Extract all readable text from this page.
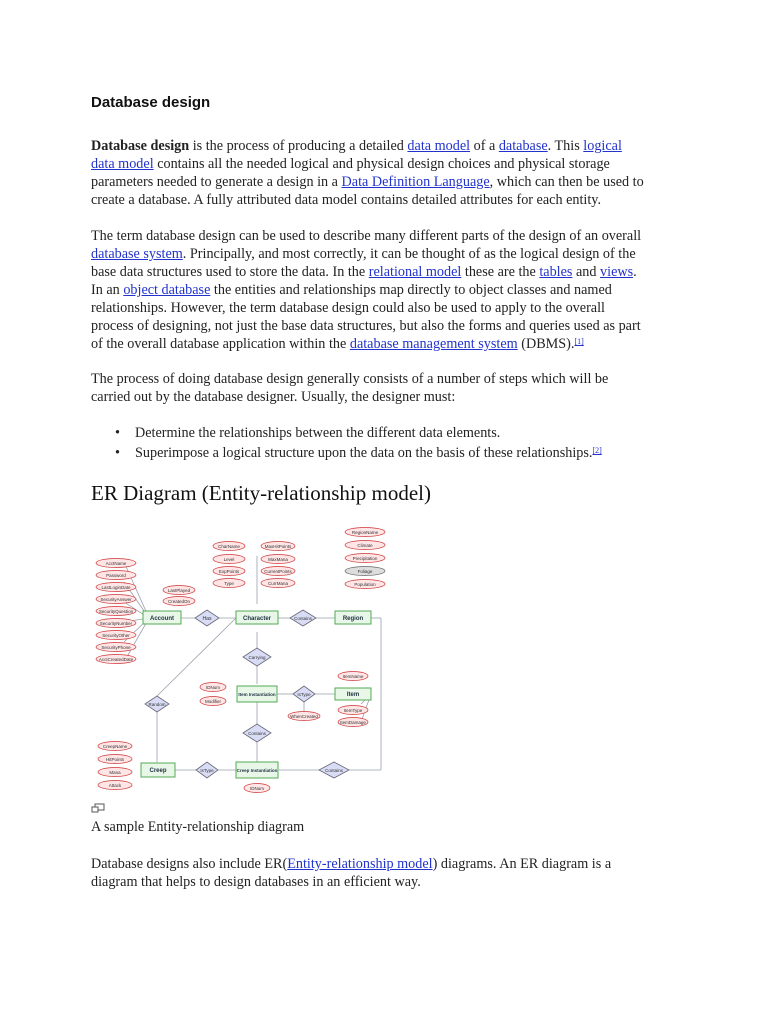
Database design

Database design is the process of producing a detailed data model of a database. This logical
data model contains all the needed logical and physical design choices and physical storage
parameters needed to generate a design in a Data Definition Language, which can then be used to
create a database. A fully attributed data model contains detailed attributes for each entity.

The term database design can be used to describe many different parts of the design of an overall
database system. Principally, and most correctly, it can be thought of as the logical design of the
base data structures used to store the data. In the relational model these are the tables and views.
In an object database the entities and relationships map directly to object classes and named
relationships. However, the term database design could also be used to apply to the overall
process of designing, not just the base data structures, but also the forms and queries used as part
of the overall database application within the database management system (DBMS).[1]

The process of doing database design generally consists of a number of steps which will be
carried out by the database designer. Usually, the designer must:

• Determine the relationships between the different data elements.
• Superimpose a logical structure upon the data on the basis of these relationships.[2]
ER Diagram (Entity-relationship model)
AcctName
Password
LastLoginDate
SecurityAnswer
SecurityQuestion
SecurityNumber
SecurityOther
SecurityPhone
AcctCreatedDate
LastPlayed
CreatedOn
CharName
Level
ExpPoints
Type
MaxHitPoints
MaxMana
CurrentPoints
CurrMana
RegionName
Climate
Precipitation
Foliage
Population
IDNum
Modifier
WhenCreated
ItemName
ItemType
ItemDamage
CreepName
HitPoints
Mana
Attack
IDNum
Account	Character	Region
Item Instantiation	Item
Creep	Creep Instantiation
Has	Contains
Carrying
IsType
Contains
IsType	Contains
Random
A sample Entity-relationship diagram

Database designs also include ER(Entity-relationship model) diagrams. An ER diagram is a
diagram that helps to design databases in an efficient way.
